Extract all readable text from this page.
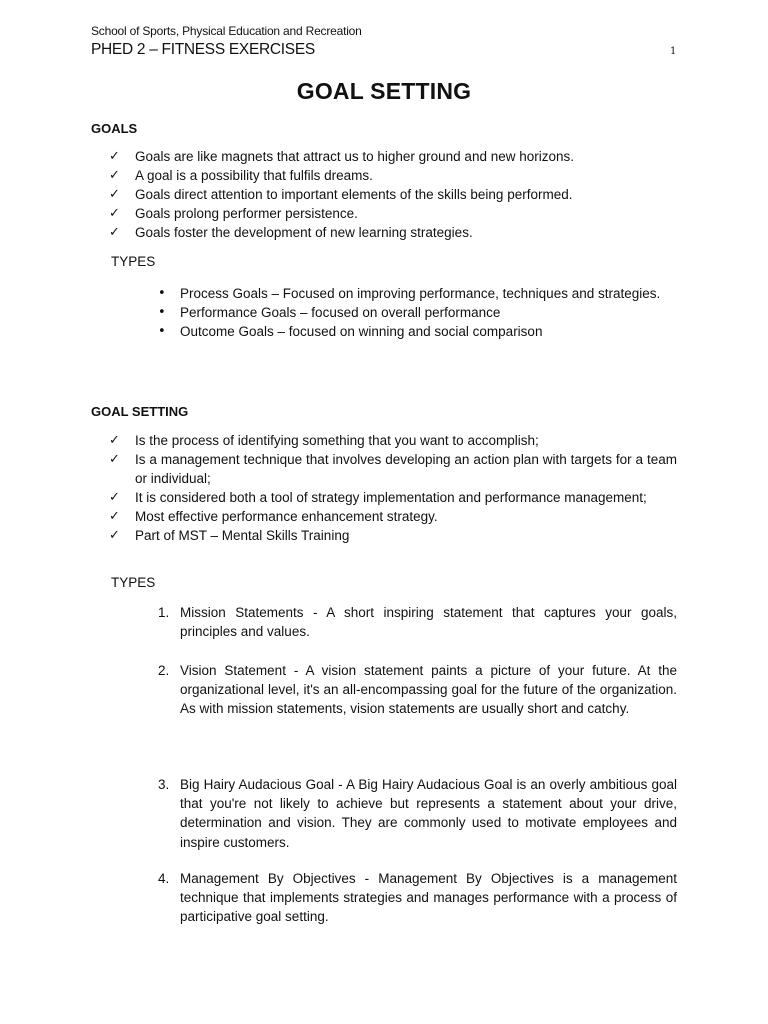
School of Sports, Physical Education and Recreation
PHED 2 – FITNESS EXERCISES	1
GOAL SETTING
GOALS
✓ Goals are like magnets that attract us to higher ground and new horizons.
✓ A goal is a possibility that fulfils dreams.
✓ Goals direct attention to important elements of the skills being performed.
✓ Goals prolong performer persistence.
✓ Goals foster the development of new learning strategies.
TYPES
• Process Goals – Focused on improving performance, techniques and strategies.
• Performance Goals – focused on overall performance
• Outcome Goals – focused on winning and social comparison
GOAL SETTING
✓ Is the process of identifying something that you want to accomplish;
✓ Is a management technique that involves developing an action plan with targets for a team or individual;
✓ It is considered both a tool of strategy implementation and performance management;
✓ Most effective performance enhancement strategy.
✓ Part of MST – Mental Skills Training
TYPES
1. Mission Statements - A short inspiring statement that captures your goals, principles and values.
2. Vision Statement - A vision statement paints a picture of your future. At the organizational level, it's an all-encompassing goal for the future of the organization. As with mission statements, vision statements are usually short and catchy.
3. Big Hairy Audacious Goal - A Big Hairy Audacious Goal is an overly ambitious goal that you're not likely to achieve but represents a statement about your drive, determination and vision. They are commonly used to motivate employees and inspire customers.
4. Management By Objectives - Management By Objectives is a management technique that implements strategies and manages performance with a process of participative goal setting.
